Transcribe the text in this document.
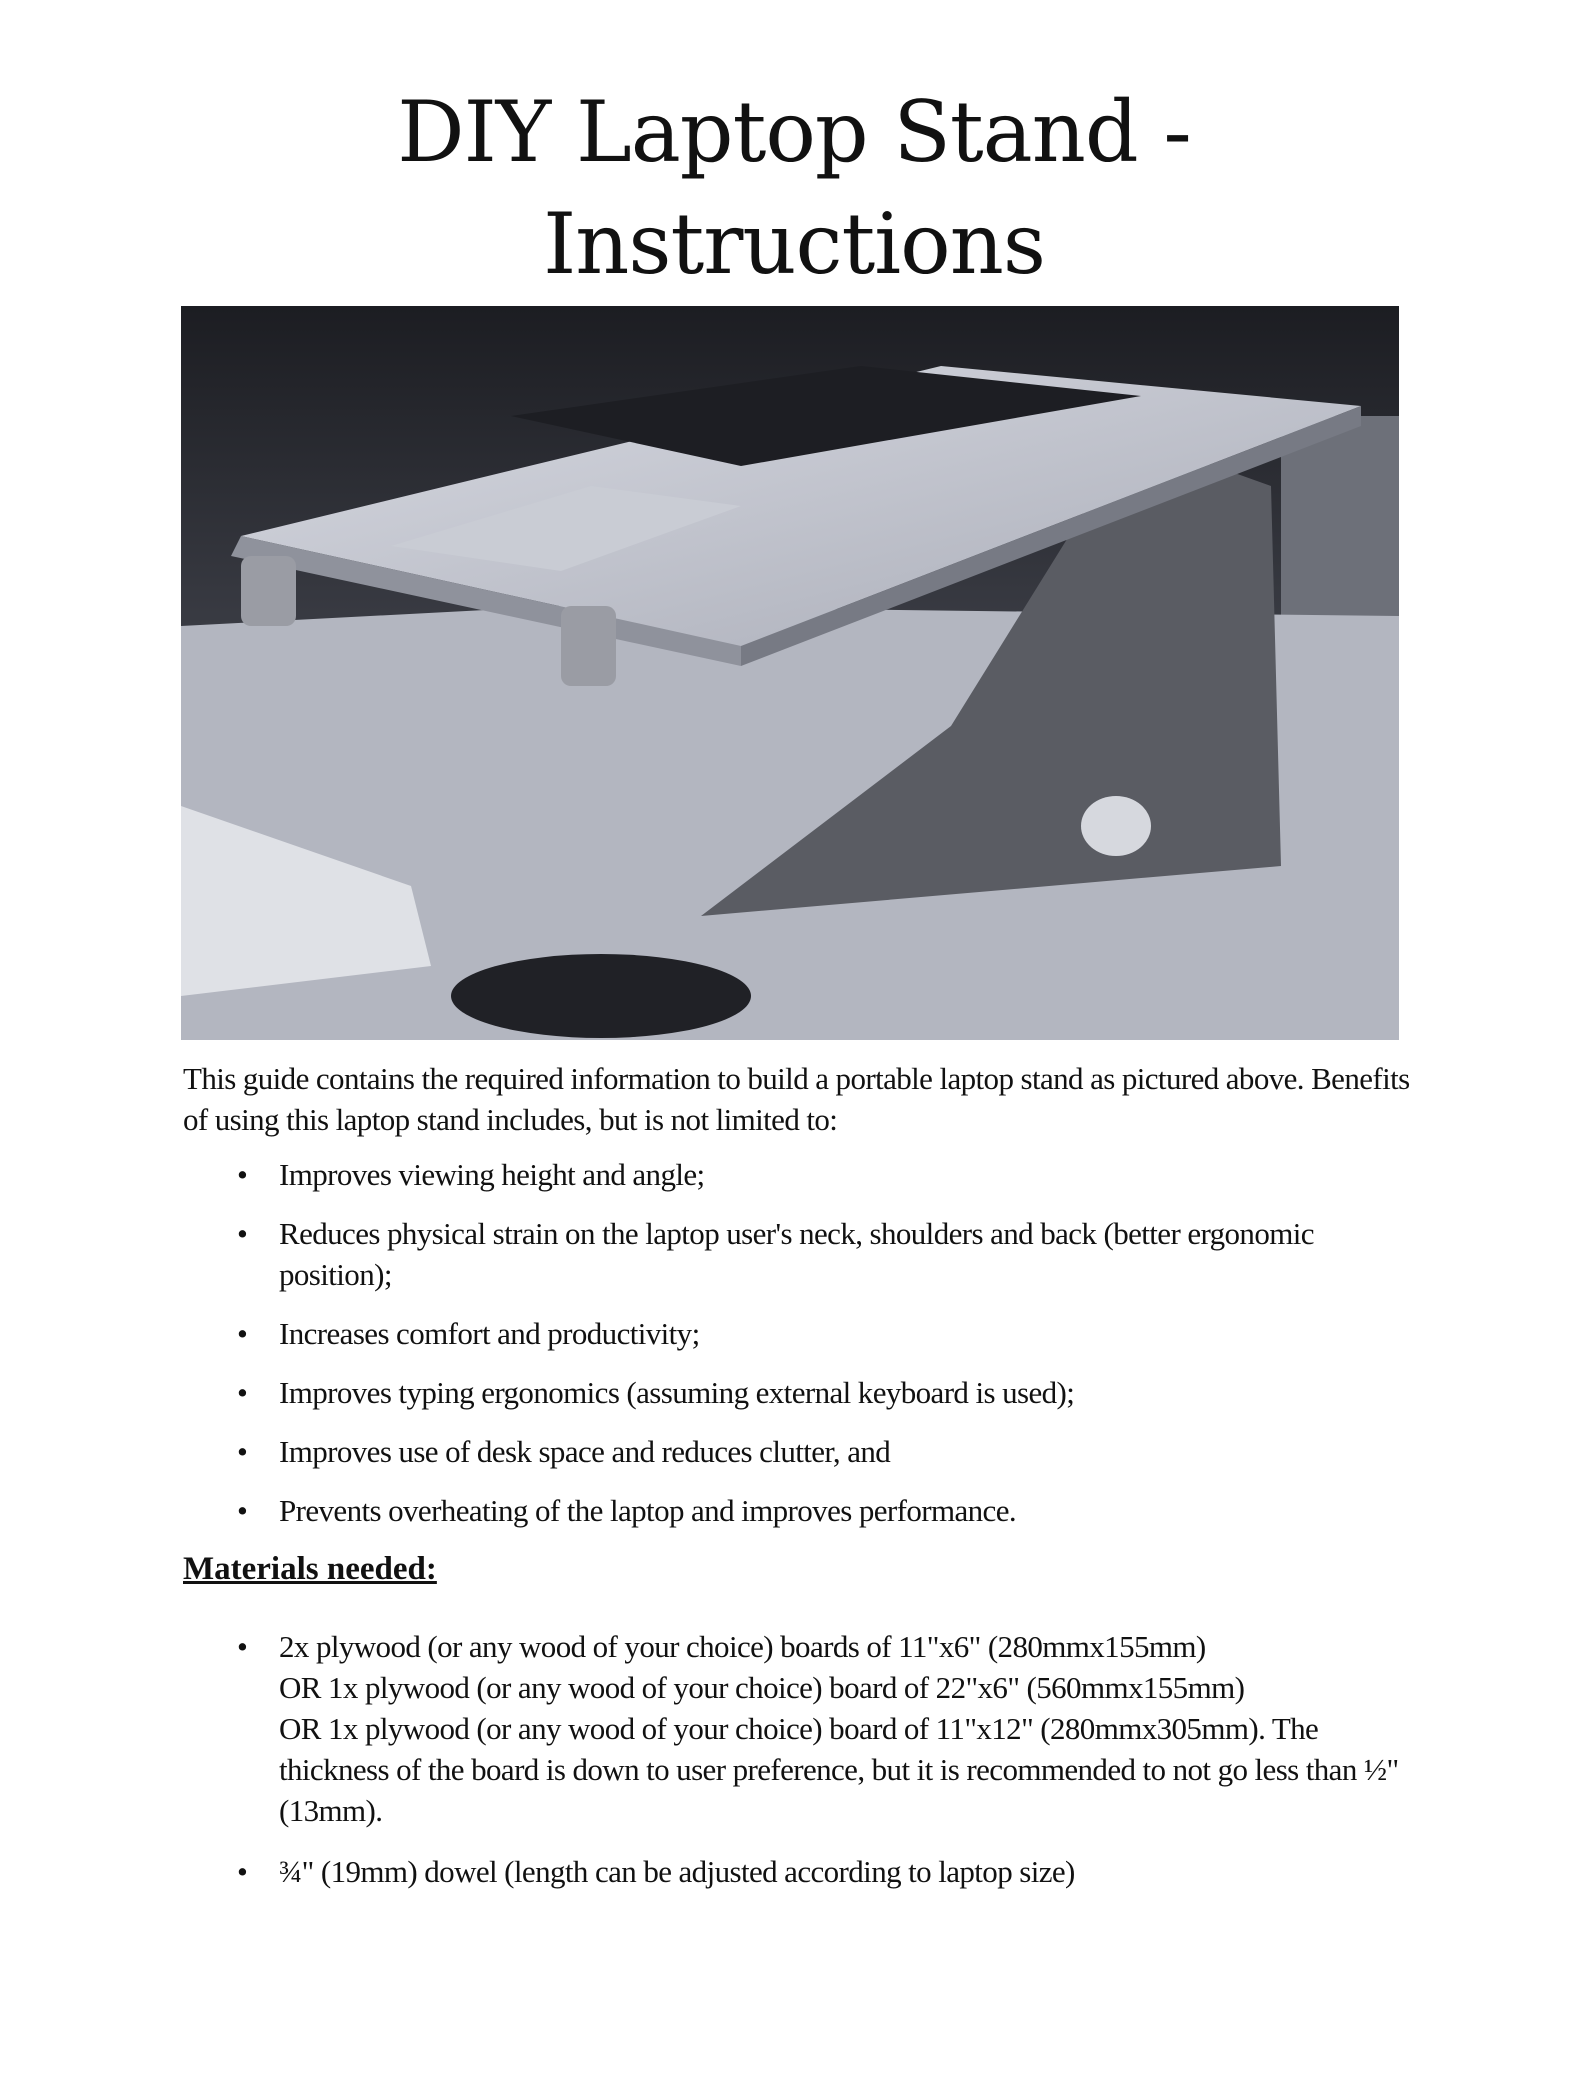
DIY Laptop Stand -
Instructions

This guide contains the required information to build a portable laptop stand as pictured above. Benefits of using this laptop stand includes, but is not limited to:

• Improves viewing height and angle;
• Reduces physical strain on the laptop user's neck, shoulders and back (better ergonomic position);
• Increases comfort and productivity;
• Improves typing ergonomics (assuming external keyboard is used);
• Improves use of desk space and reduces clutter, and
• Prevents overheating of the laptop and improves performance.
Materials needed:
• 2x plywood (or any wood of your choice) boards of 11"x6" (280mmx155mm)
OR 1x plywood (or any wood of your choice) board of 22"x6" (560mmx155mm)
OR 1x plywood (or any wood of your choice) board of 11"x12" (280mmx305mm). The thickness of the board is down to user preference, but it is recommended to not go less than ½" (13mm).
• ¾" (19mm) dowel (length can be adjusted according to laptop size)
